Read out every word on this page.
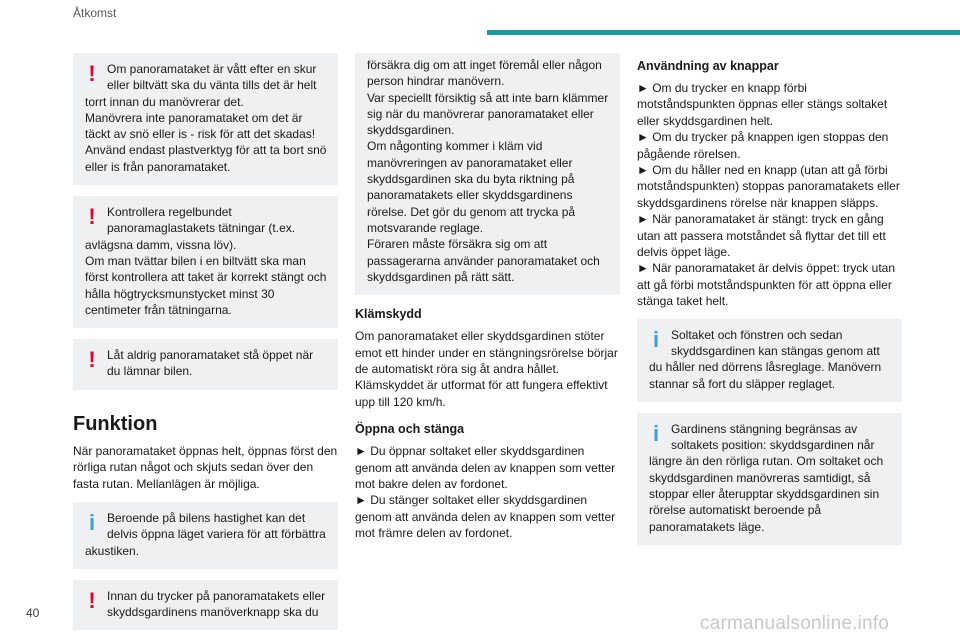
Åtkomst
! Om panoramataket är vått efter en skur eller biltvätt ska du vänta tills det är helt

torrt innan du manövrerar det.
Manövrera inte panoramataket om det är täckt av snö eller is - risk för att det skadas!
Använd endast plastverktyg för att ta bort snö eller is från panoramataket.

! Kontrollera regelbundet panoramaglastakets tätningar (t.ex.

avlägsna damm, vissna löv).
Om man tvättar bilen i en biltvätt ska man först kontrollera att taket är korrekt stängt och hålla högtrycksmunstycket minst 30 centimeter från tätningarna.

! Låt aldrig panoramataket stå öppet när du lämnar bilen.
Funktion

När panoramataket öppnas helt, öppnas först den rörliga rutan något och skjuts sedan över den fasta rutan. Mellanlägen är möjliga.

i Beroende på bilens hastighet kan det delvis öppna läget variera för att förbättra

akustiken.

! Innan du trycker på panoramatakets eller skyddsgardinens manöverknapp ska du

försäkra dig om att inget föremål eller någon person hindrar manövern.
Var speciellt försiktig så att inte barn klämmer sig när du manövrerar panoramataket eller skyddsgardinen.
Om någonting kommer i kläm vid manövreringen av panoramataket eller skyddsgardinen ska du byta riktning på panoramatakets eller skyddsgardinens rörelse. Det gör du genom att trycka på motsvarande reglage.
Föraren måste försäkra sig om att passagerarna använder panoramataket och skyddsgardinen på rätt sätt.

Klämskydd

Om panoramataket eller skyddsgardinen stöter emot ett hinder under en stängningsrörelse börjar de automatiskt röra sig åt andra hållet. Klämskyddet är utformat för att fungera effektivt upp till 120 km/h.

Öppna och stänga

► Du öppnar soltaket eller skyddsgardinen genom att använda delen av knappen som vetter mot bakre delen av fordonet.
► Du stänger soltaket eller skyddsgardinen genom att använda delen av knappen som vetter mot främre delen av fordonet.

Användning av knappar

► Om du trycker en knapp förbi motståndspunkten öppnas eller stängs soltaket eller skyddsgardinen helt.
► Om du trycker på knappen igen stoppas den pågående rörelsen.
► Om du håller ned en knapp (utan att gå förbi motståndspunkten) stoppas panoramatakets eller skyddsgardinens rörelse när knappen släpps.
► När panoramataket är stängt: tryck en gång utan att passera motståndet så flyttar det till ett delvis öppet läge.
► När panoramataket är delvis öppet: tryck utan att gå förbi motståndspunkten för att öppna eller stänga taket helt.

i Soltaket och fönstren och sedan skyddsgardinen kan stängas genom att

du håller ned dörrens låsreglage. Manövern stannar så fort du släpper reglaget.

i Gardinens stängning begränsas av soltakets position: skyddsgardinen når

längre än den rörliga rutan. Om soltaket och skyddsgardinen manövreras samtidigt, så stoppar eller återupptar skyddsgardinen sin rörelse automatiskt beroende på panoramatakets läge.

40	carmanualsonline.info
